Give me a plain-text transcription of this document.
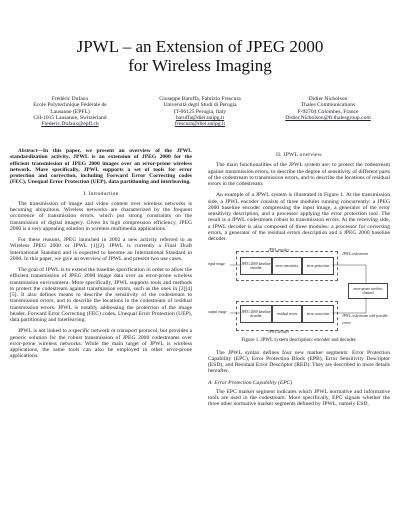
JPWL – an Extension of JPEG 2000
for Wireless Imaging
Frédéric Dufaux
Ecole Polytechnique Fédérale de
Lausanne (EPFL)
CH-1015 Lausanne, Switzerland
Frederic.Dufaux@epfl.ch
Giuseppe Baruffa, Fabrizio Frescura
Università degli Studi di Perugia
IT-06125 Perugia, Italy
baruffa@diei.unipg.it
frescura@diei.unipg.it
Didier Nicholson
Thales Communications
F-92704 Colombes, France
Didier.Nicholson@fr.thalesgroup.com

Abstract—In this paper, we present an overview of the JPWL standardization activity. JPWL is an extension of JPEG 2000 for the efficient transmission of JPEG 2000 images over an error-prone wireless network. More specifically, JPWL supports a set of tools for error protection and correction, including Forward Error Correcting codes (FEC), Unequal Error Protection (UEP), data partitioning and interleaving.

I. Introduction

The transmission of image and video content over wireless networks is becoming ubiquitous. Wireless networks are characterized by the frequent occurrence of transmission errors, which put strong constraints on the transmission of digital imagery. Given its high compression efficiency, JPEG 2000 is a very appealing solution in wireless multimedia applications.

For these reasons, JPEG launched in 2002 a new activity referred to as Wireless JPEG 2000 or JPWL [1][2]. JPWL is currently a Final Draft International Standard and is expected to become an International Standard in 2006. In this paper, we give an overview of JPWL and present two use cases.

The goal of JPWL is to extend the baseline specification in order to allow the efficient transmission of JPEG 2000 image data over an error-prone wireless transmission environment. More specifically, JPWL supports tools and methods to protect the codestream against transmission errors, such as the ones in [3][4][5]. It also defines means to describe the sensitivity of the codestream to transmission errors, and to describe the locations in the codestream of residual transmission errors. JPWL is notably addressing the protection of the image header, Forward Error Correcting (FEC) codes, Unequal Error Protection (UEP), data partitioning and interleaving.

JPWL is not linked to a specific network or transport protocol, but provides a generic solution for the robust transmission of JPEG 2000 codestreams over error-prone wireless networks. While the main target of JPWL is wireless applications, the same tools can also be employed in other error-prone applications.

II. JPWL overview

The main functionalities of the JPWL system are: to protect the codestream against transmission errors, to describe the degree of sensitivity of different parts of the codestream to transmission errors, and to describe the locations of residual errors in the codestream.

An example of a JPWL system is illustrated in Figure 1. At the transmission side, a JPWL encoder consists of three modules running concurrently: a JPEG 2000 baseline encoder compressing the input image, a generator of the error sensitivity description, and a processor applying the error protection tool. The result is a JPWL codestream robust to transmission errors. At the receiving side, a JPWL decoder is also composed of three modules: a processor for correcting errors, a generator of the residual errors description and a JPEG 2000 baseline decoder.

JPWL encoder
input image	JPEG 2000 baseline encoder	error sensitivity	error protection
JPWL codestream
error-prone wireless channel
output image	JPEG 2000 baseline decoder	residual errors	error correction
JPWL decoder
JPWL codestream with possible errors
Figure 1. JPWL system description: encoder and decoder.

The JPWL syntax defines four new marker segments: Error Protection Capability (EPC), Error Protection Block (EPB), Error Sensitivity Descriptor (ESD), and Residual Error Descriptor (RED). They are described in more details hereafter.

A. Error Protection Capability (EPC)

The EPC marker segment indicates which JPWL normative and informative tools are used in the codestream. More specifically, EPC signals whether the three other normative marker segments defined by JPWL, namely ESD,
